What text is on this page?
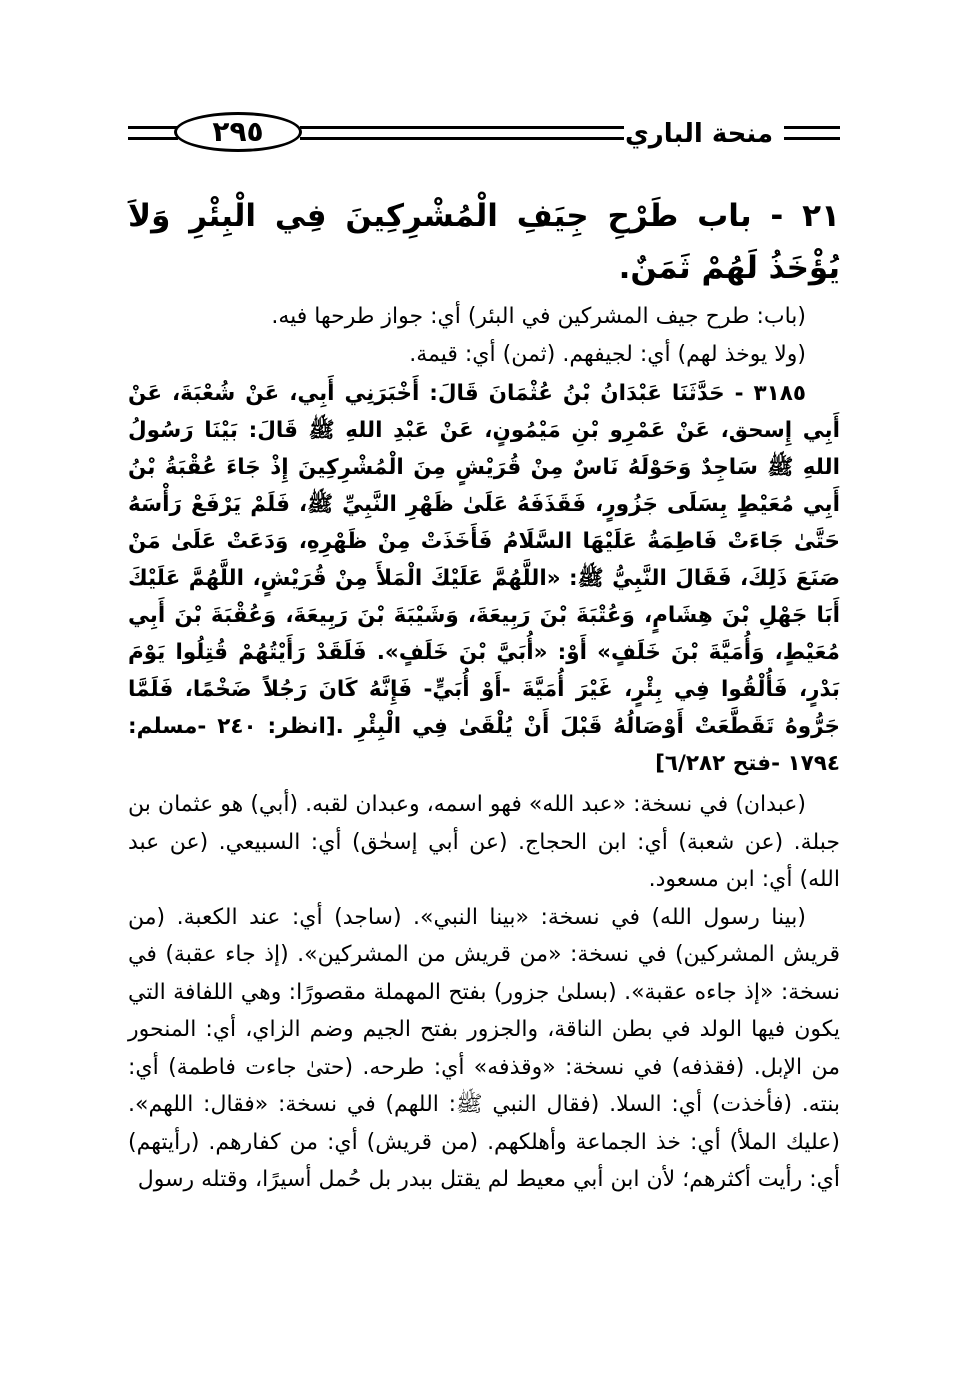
٢٩٥	منحة الباري
٢١ - باب طَرْحِ جِيَفِ الْمُشْرِكِينَ فِي الْبِئْرِ وَلاَ يُؤْخَذُ لَهُمْ ثَمَنٌ.

(باب: طرح جيف المشركين في البئر) أي: جواز طرحها فيه.

(ولا يوخذ لهم) أي: لجيفهم. (ثمن) أي: قيمة.

٣١٨٥ - حَدَّثَنَا عَبْدَانُ بْنُ عُثْمَانَ قَالَ: أَخْبَرَنِي أَبِي، عَنْ شُعْبَةَ، عَنْ أَبِي إِسحق، عَنْ عَمْرِو بْنِ مَيْمُونٍ، عَنْ عَبْدِ اللهِ ﷺ قَالَ: بَيْنَا رَسُولُ اللهِ ﷺ سَاجِدٌ وَحَوْلَهُ نَاسٌ مِنْ قُرَيْشٍ مِنَ الْمُشْرِكِينَ إِذْ جَاءَ عُقْبَةُ بْنُ أَبِي مُعَيْطٍ بِسَلَى جَزُورٍ، فَقَذَفَهُ عَلَىٰ ظَهْرِ النَّبِيِّ ﷺ، فَلَمْ يَرْفَعْ رَأْسَهُ حَتَّىٰ جَاءَتْ فَاطِمَةُ عَلَيْهَا السَّلَامُ فَأَخَذَتْ مِنْ ظَهْرِهِ، وَدَعَتْ عَلَىٰ مَنْ صَنَعَ ذَلِكَ، فَقَالَ النَّبِيُّ ﷺ: «اللَّهُمَّ عَلَيْكَ الْمَلأَ مِنْ قُرَيْشٍ، اللَّهُمَّ عَلَيْكَ أَبَا جَهْلِ بْنَ هِشَامٍ، وَعُتْبَةَ بْنَ رَبِيعَةَ، وَشَيْبَةَ بْنَ رَبِيعَةَ، وَعُقْبَةَ بْنَ أَبِي مُعَيْطٍ، وَأُمَيَّةَ بْنَ خَلَفٍ» أَوْ: «أُبَيَّ بْنَ خَلَفٍ». فَلَقَدْ رَأَيْتُهُمْ قُتِلُوا يَوْمَ بَدْرٍ، فَأُلْقُوا فِي بِئْرٍ، غَيْرَ أُمَيَّةَ -أَوْ أُبَيٍّ- فَإِنَّهُ كَانَ رَجُلاً ضَخْمًا، فَلَمَّا جَرُّوهُ تَقَطَّعَتْ أَوْصَالُهُ قَبْلَ أَنْ يُلْقَىٰ فِي الْبِئْرِ .[انظر: ٢٤٠ -مسلم: ١٧٩٤ -فتح ٦/٢٨٢]

(عبدان) في نسخة: «عبد الله» فهو اسمه، وعبدان لقبه. (أبي) هو عثمان بن جبلة. (عن شعبة) أي: ابن الحجاج. (عن أبي إسحٰق) أي: السبيعي. (عن عبد الله) أي: ابن مسعود.

(بينا رسول الله) في نسخة: «بينا النبي». (ساجد) أي: عند الكعبة. (من قريش المشركين) في نسخة: «من قريش من المشركين». (إذ جاء عقبة) في نسخة: «إذ جاءه عقبة». (بسلىٰ جزور) بفتح المهملة مقصورًا: وهي اللفافة التي يكون فيها الولد في بطن الناقة، والجزور بفتح الجيم وضم الزاي، أي: المنحور من الإبل. (فقذفه) في نسخة: «وقذفه» أي: طرحه. (حتىٰ جاءت فاطمة) أي: بنته. (فأخذت) أي: السلا. (فقال النبي ﷺ: اللهم) في نسخة: «فقال: اللهم». (عليك الملأ) أي: خذ الجماعة وأهلكهم. (من قريش) أي: من كفارهم. (رأيتهم) أي: رأيت أكثرهم؛ لأن ابن أبي معيط لم يقتل ببدر بل حُمل أسيرًا، وقتله رسول
